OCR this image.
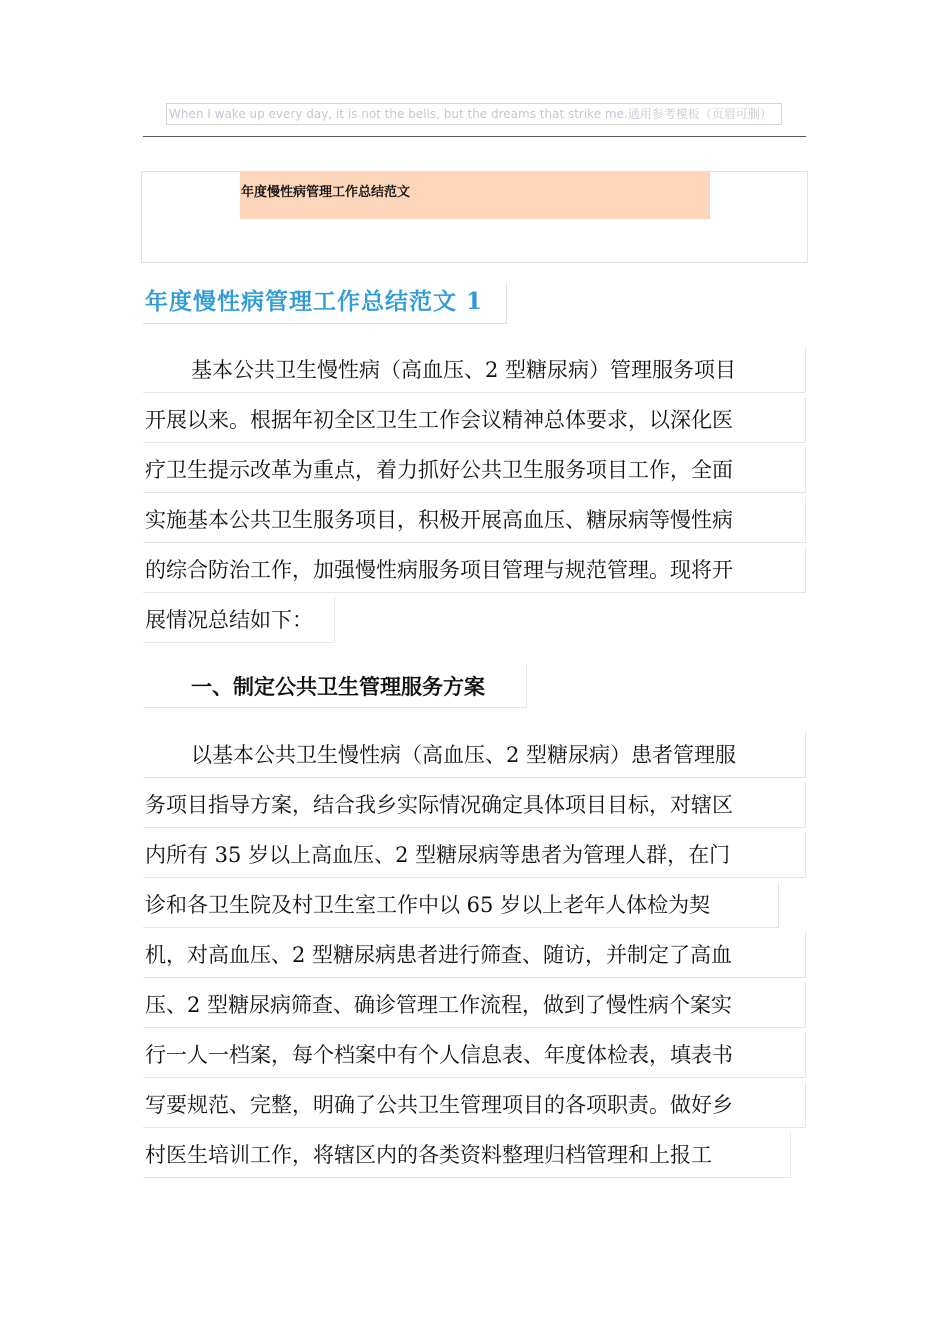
When I wake up every day, it is not the bells, but the dreams that strike me.通用参考模板（页眉可删）
年度慢性病管理工作总结范文
年度慢性病管理工作总结范文 1
基本公共卫生慢性病（高血压、2 型糖尿病）管理服务项目
开展以来。根据年初全区卫生工作会议精神总体要求，以深化医
疗卫生提示改革为重点，着力抓好公共卫生服务项目工作，全面
实施基本公共卫生服务项目，积极开展高血压、糖尿病等慢性病
的综合防治工作，加强慢性病服务项目管理与规范管理。现将开
展情况总结如下：
一、制定公共卫生管理服务方案
以基本公共卫生慢性病（高血压、2 型糖尿病）患者管理服
务项目指导方案，结合我乡实际情况确定具体项目目标，对辖区
内所有 35 岁以上高血压、2 型糖尿病等患者为管理人群，在门
诊和各卫生院及村卫生室工作中以 65 岁以上老年人体检为契
机，对高血压、2 型糖尿病患者进行筛查、随访，并制定了高血
压、2 型糖尿病筛查、确诊管理工作流程，做到了慢性病个案实
行一人一档案，每个档案中有个人信息表、年度体检表，填表书
写要规范、完整，明确了公共卫生管理项目的各项职责。做好乡
村医生培训工作，将辖区内的各类资料整理归档管理和上报工
